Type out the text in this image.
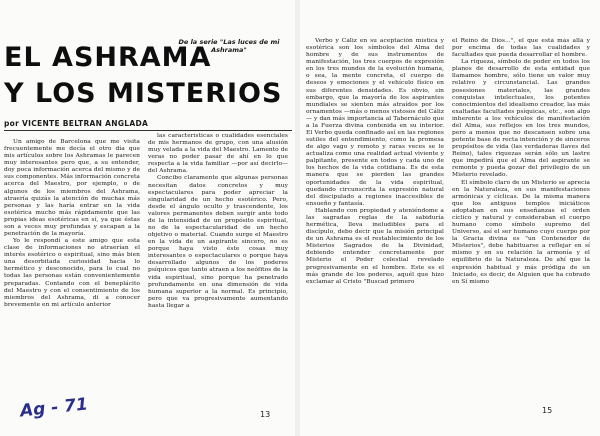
EL ASHRAMA
Y LOS MISTERIOS
De la serie "Las luces de mi Ashrama"
por VICENTE BELTRAN ANGLADA

Un amigo de Barcelona que me visita frecuentemente me decía el otro día que mis artículos sobre los Ashramas le parecen muy interesantes pero que, a su entender, doy poca información acerca del mismo y de sus componentes. Más información concreta acerca del Maestro, por ejemplo, o de algunos de los miembros del Ashrama, atraería quizás la atención de muchas más personas y las haría entrar en la vida esotérica mucho más rápidamente que las propias ideas esotéricas en sí, ya que éstas son a veces muy profundas y escapan a la penetración de la mayoría.

Yo le respondí a este amigo que esta clase de informaciones no atraerían el interés esotérico o espiritual, sino más bien una desorbitada curiosidad hacia lo hermético y desconocido, para lo cual no todas las personas están convenientemente preparadas. Contando con el beneplácito del Maestro y con el consentimiento de los miembros del Ashrama, di a conocer brevemente en mi artículo anterior

las características o cualidades esenciales de mis hermanos de grupo, con una alusión muy velada a la vida del Maestro. Lamento de veras no poder pasar de ahí en lo que respecta a la vida familiar —por así decirlo— del Ashrama.

Concibo claramente que algunas personas necesitan datos concretos y muy espectaculares para poder apreciar la singularidad de un hecho esotérico. Pero, desde el ángulo oculto y trascendente, los valores permanentes deben surgir ante todo de la intensidad de un propósito espiritual, no de la espectacularidad de un hecho objetivo o material. Cuando surge el Maestro en la vida de un aspirante sincero, no es porque haya visto éste cosas muy interesantes o espectaculares o porque haya desarrollado algunos de los poderes psíquicos que tanto atraen a los neófitos de la vida espiritual, sino porque ha penetrado profundamente en una dimensión de vida humana superior a la normal. Es principio, pero que va progresivamente aumentando hasta llegar a

Ag - 71	13

Verbo y Cáliz en su aceptación mística y esotérica son los símbolos del Alma del hombre y de sus instrumentos de manifestación, los tres cuerpos de expresión en los tres mundos de la evolución humana, o sea, la mente concreta, el cuerpo de deseos y emociones y el vehículo físico en sus diferentes densidades. Es obvio, sin embargo, que la mayoría de los aspirantes mundiales se sienten más atraídos por los ornamentos —más o menos vistosos del Cáliz— y dan más importancia al Tabernáculo que a la Fuerza divina contenida en su interior. El Verbo queda confinado así en las regiones sutiles del entendimiento, como la promesa de algo vago y remoto y raras veces se le actualiza como una realidad actual viviente y palpitante, presente en todos y cada uno de los hechos de la vida cotidiana. Es de esta manera que se pierden las grandes oportunidades de la vida espiritual, quedando circunscrita la expresión natural del discipulado a regiones inaccesibles de ensueño y fantasía.

Hablando con propiedad y ateniéndome a las sagradas reglas de la sabiduría hermética, lleva ineludibles para el discípulo, debo decir que la misión principal de un Ashrama es el restablecimiento de los Misterios Sagrados de la Divinidad, debiendo entender concretamente por Misterio el Poder celestial revelado progresivamente en el hombre. Este es el más grande de los poderes, aquél que hizo exclamar al Cristo "Buscad primero

el Reino de Dios...", el que está más allá y por encima de todas las cualidades y facultades que pueda desarrollar el hombre.

La riqueza, símbolo de poder en todos los planos de desarrollo de esta entidad que llamamos hombre, sólo tiene un valor muy relativo y circunstancial. Las grandes posesiones materiales, las grandes conquistas intelectuales, los potentes conocimientos del idealismo creador, las más exaltadas facultades psíquicas, etc., son algo inherente a los vehículos de manifestación del Alma, sus reflejos en los tres mundos, pero a menos que no descansen sobre una potente base de recta intención y de sinceros propósitos de vida (las verdaderas llaves del Reino), tales riquezas serán sólo un lastre que impedirá que el Alma del aspirante se remonte y pueda gozar del privilegio de un Misterio revelado.

El símbolo claro de un Misterio se aprecia en la Naturaleza, en sus manifestaciones armónicas y cíclicas. De la misma manera que los antiguos templos iniciáticos adoptaban en sus enseñanzas el orden cíclico y natural y consideraban el cuerpo humano como símbolo supremo del Universo, así el ser humano cuyo cuerpo por la Gracia divina es "un Contenedor de Misterios", debe habituarse a reflejar en sí mismo y en su relación la armonía y el equilibrio de la Naturaleza. De ahí que la expresión habitual y más pródiga de un Iniciado, es decir, de Alguien que ha cobrado en Sí mismo

15
